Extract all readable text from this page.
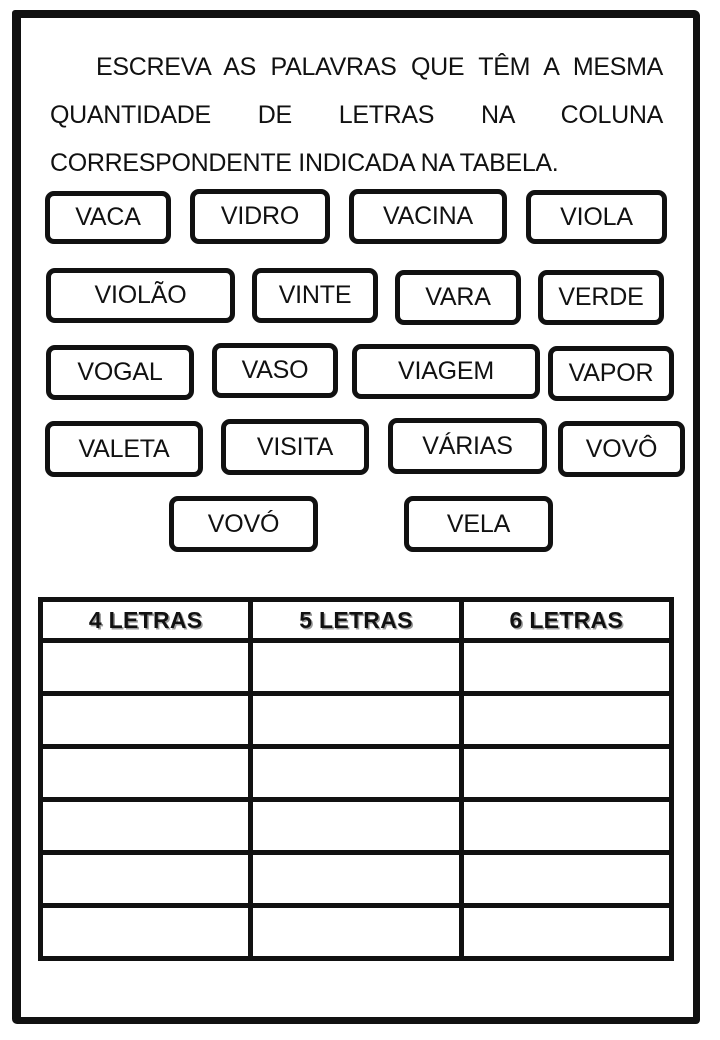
ESCREVA AS PALAVRAS QUE TÊM A MESMA QUANTIDADE DE LETRAS NA COLUNA CORRESPONDENTE INDICADA NA TABELA.

VACA	VIDRO	VACINA	VIOLA
VIOLÃO	VINTE	VARA	VERDE
VOGAL	VASO	VIAGEM	VAPOR
VALETA	VISITA	VÁRIAS	VOVÔ
VOVÓ	VELA
4 LETRAS	5 LETRAS	6 LETRAS
